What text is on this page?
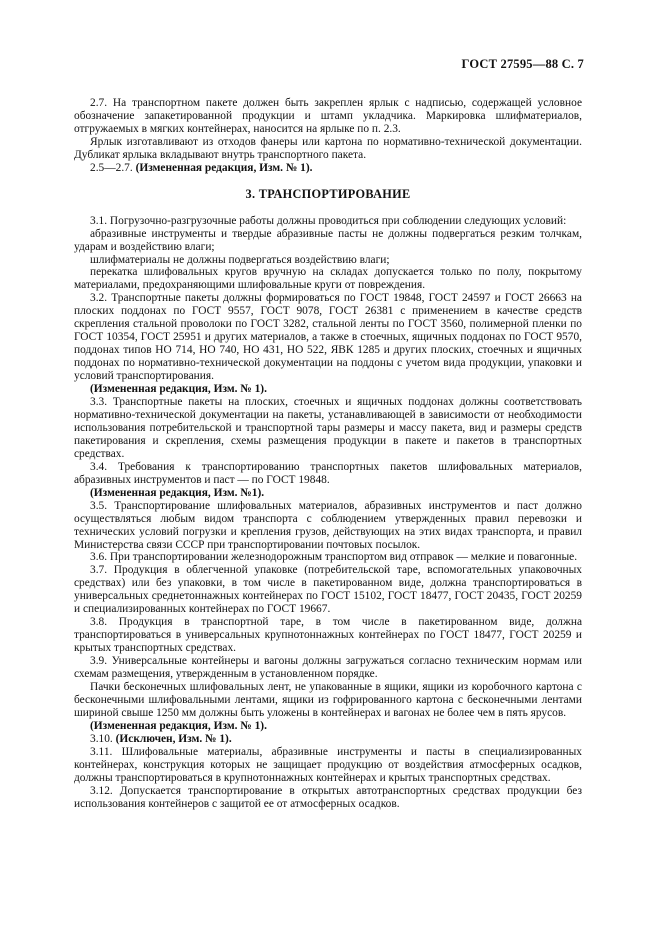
ГОСТ 27595—88 С. 7

2.7. На транспортном пакете должен быть закреплен ярлык с надписью, содержащей условное обозначение запакетированной продукции и штамп укладчика. Маркировка шлифматериалов, отгружаемых в мягких контейнерах, наносится на ярлыке по п. 2.3.

Ярлык изготавливают из отходов фанеры или картона по нормативно-технической документации. Дубликат ярлыка вкладывают внутрь транспортного пакета.

2.5—2.7. (Измененная редакция, Изм. № 1).

3. ТРАНСПОРТИРОВАНИЕ

3.1. Погрузочно-разгрузочные работы должны проводиться при соблюдении следующих условий:

абразивные инструменты и твердые абразивные пасты не должны подвергаться резким толчкам, ударам и воздействию влаги;

шлифматериалы не должны подвергаться воздействию влаги;

перекатка шлифовальных кругов вручную на складах допускается только по полу, покрытому материалами, предохраняющими шлифовальные круги от повреждения.

3.2. Транспортные пакеты должны формироваться по ГОСТ 19848, ГОСТ 24597 и ГОСТ 26663 на плоских поддонах по ГОСТ 9557, ГОСТ 9078, ГОСТ 26381 с применением в качестве средств скрепления стальной проволоки по ГОСТ 3282, стальной ленты по ГОСТ 3560, полимерной пленки по ГОСТ 10354, ГОСТ 25951 и других материалов, а также в стоечных, ящичных поддонах по ГОСТ 9570, поддонах типов НО 714, НО 740, НО 431, НО 522, ЯВК 1285 и других плоских, стоечных и ящичных поддонах по нормативно-технической документации на поддоны с учетом вида продукции, упаковки и условий транспортирования.

(Измененная редакция, Изм. № 1).

3.3. Транспортные пакеты на плоских, стоечных и ящичных поддонах должны соответствовать нормативно-технической документации на пакеты, устанавливающей в зависимости от необходимости использования потребительской и транспортной тары размеры и массу пакета, вид и размеры средств пакетирования и скрепления, схемы размещения продукции в пакете и пакетов в транспортных средствах.

3.4. Требования к транспортированию транспортных пакетов шлифовальных материалов, абразивных инструментов и паст — по ГОСТ 19848.

(Измененная редакция, Изм. №1).

3.5. Транспортирование шлифовальных материалов, абразивных инструментов и паст должно осуществляться любым видом транспорта с соблюдением утвержденных правил перевозки и технических условий погрузки и крепления грузов, действующих на этих видах транспорта, и правил Министерства связи СССР при транспортировании почтовых посылок.

3.6. При транспортировании железнодорожным транспортом вид отправок — мелкие и повагонные.

3.7. Продукция в облегченной упаковке (потребительской таре, вспомогательных упаковочных средствах) или без упаковки, в том числе в пакетированном виде, должна транспортироваться в универсальных среднетоннажных контейнерах по ГОСТ 15102, ГОСТ 18477, ГОСТ 20435, ГОСТ 20259 и специализированных контейнерах по ГОСТ 19667.

3.8. Продукция в транспортной таре, в том числе в пакетированном виде, должна транспортироваться в универсальных крупнотоннажных контейнерах по ГОСТ 18477, ГОСТ 20259 и крытых транспортных средствах.

3.9. Универсальные контейнеры и вагоны должны загружаться согласно техническим нормам или схемам размещения, утвержденным в установленном порядке.

Пачки бесконечных шлифовальных лент, не упакованные в ящики, ящики из коробочного картона с бесконечными шлифовальными лентами, ящики из гофрированного картона с бесконечными лентами шириной свыше 1250 мм должны быть уложены в контейнерах и вагонах не более чем в пять ярусов.

(Измененная редакция, Изм. № 1).

3.10. (Исключен, Изм. № 1).

3.11. Шлифовальные материалы, абразивные инструменты и пасты в специализированных контейнерах, конструкция которых не защищает продукцию от воздействия атмосферных осадков, должны транспортироваться в крупнотоннажных контейнерах и крытых транспортных средствах.

3.12. Допускается транспортирование в открытых автотранспортных средствах продукции без использования контейнеров с защитой ее от атмосферных осадков.
